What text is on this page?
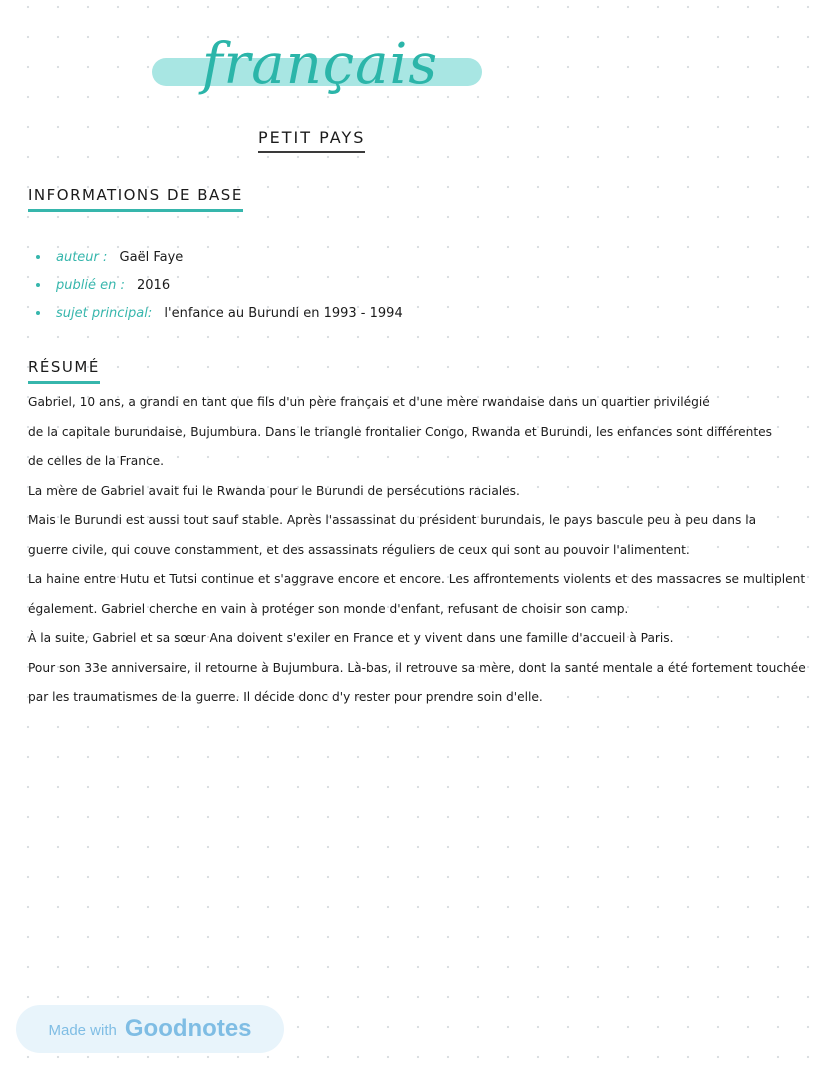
français
PETIT PAYS
INFORMATIONS DE BASE
auteur : Gaël Faye
publié en : 2016
sujet principal: l'enfance au Burundi en 1993 - 1994
RÉSUMÉ

Gabriel, 10 ans, a grandi en tant que fils d'un père français et d'une mère rwandaise dans un quartier privilégié

de la capitale burundaise, Bujumbura. Dans le triangle frontalier Congo, Rwanda et Burundi, les enfances sont différentes

de celles de la France.

La mère de Gabriel avait fui le Rwanda pour le Burundi de persécutions raciales.

Mais le Burundi est aussi tout sauf stable. Après l'assassinat du président burundais, le pays bascule peu à peu dans la

guerre civile, qui couve constamment, et des assassinats réguliers de ceux qui sont au pouvoir l'alimentent.

La haine entre Hutu et Tutsi continue et s'aggrave encore et encore. Les affrontements violents et des massacres se multiplent

également. Gabriel cherche en vain à protéger son monde d'enfant, refusant de choisir son camp.

À la suite, Gabriel et sa sœur Ana doivent s'exiler en France et y vivent dans une famille d'accueil à Paris.

Pour son 33e anniversaire, il retourne à Bujumbura. Là-bas, il retrouve sa mère, dont la santé mentale a été fortement touchée

par les traumatismes de la guerre. Il décide donc d'y rester pour prendre soin d'elle.

Made with Goodnotes
